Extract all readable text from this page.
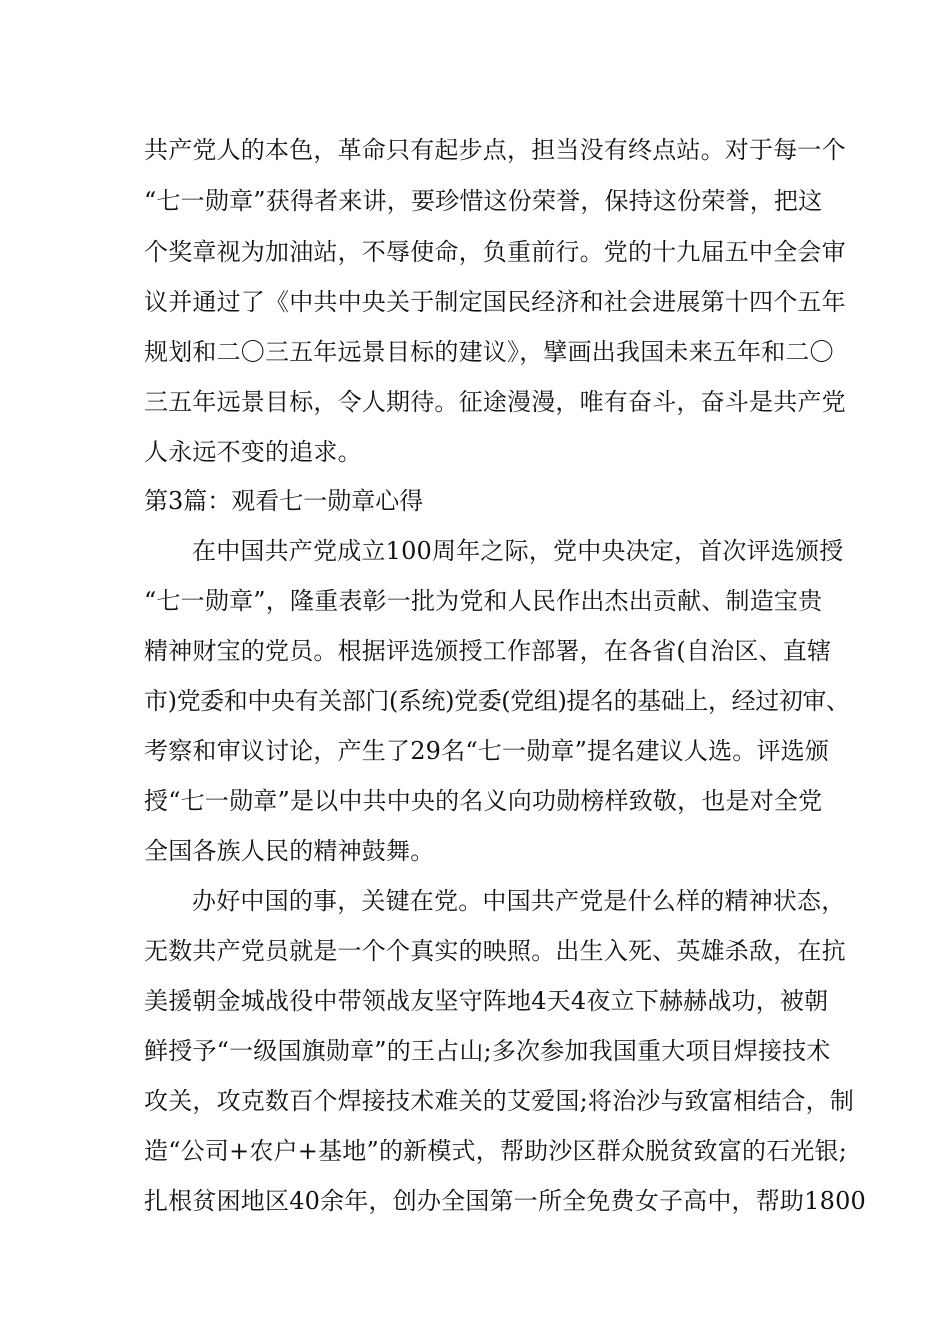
共产党人的本色，革命只有起步点，担当没有终点站。对于每一个
“七一勋章”获得者来讲，要珍惜这份荣誉，保持这份荣誉，把这
个奖章视为加油站，不辱使命，负重前行。党的十九届五中全会审
议并通过了《中共中央关于制定国民经济和社会进展第十四个五年
规划和二〇三五年远景目标的建议》，擘画出我国未来五年和二〇
三五年远景目标，令人期待。征途漫漫，唯有奋斗，奋斗是共产党
人永远不变的追求。
第3篇：观看七一勋章心得
在中国共产党成立100周年之际，党中央决定，首次评选颁授
“七一勋章”，隆重表彰一批为党和人民作出杰出贡献、制造宝贵
精神财宝的党员。根据评选颁授工作部署，在各省(自治区、直辖
市)党委和中央有关部门(系统)党委(党组)提名的基础上，经过初审、
考察和审议讨论，产生了29名“七一勋章”提名建议人选。评选颁
授“七一勋章”是以中共中央的名义向功勋榜样致敬，也是对全党
全国各族人民的精神鼓舞。
办好中国的事，关键在党。中国共产党是什么样的精神状态，
无数共产党员就是一个个真实的映照。出生入死、英雄杀敌，在抗
美援朝金城战役中带领战友坚守阵地4天4夜立下赫赫战功，被朝
鲜授予“一级国旗勋章”的王占山;多次参加我国重大项目焊接技术
攻关，攻克数百个焊接技术难关的艾爱国;将治沙与致富相结合，制
造“公司+农户+基地”的新模式，帮助沙区群众脱贫致富的石光银;
扎根贫困地区40余年，创办全国第一所全免费女子高中，帮助1800
